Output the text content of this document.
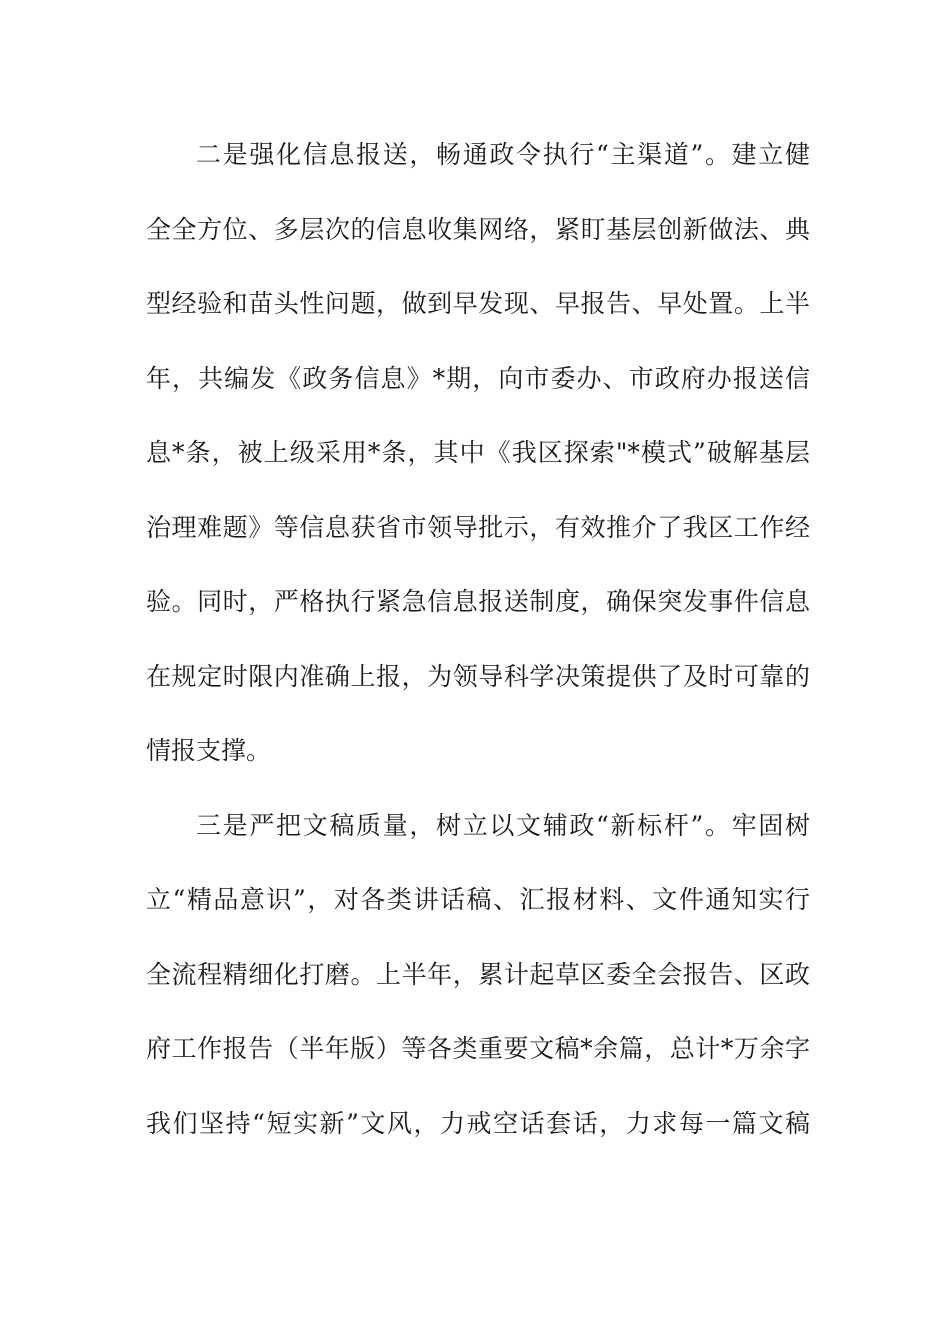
二是强化信息报送，畅通政令执行“主渠道”。建立健
全全方位、多层次的信息收集网络，紧盯基层创新做法、典
型经验和苗头性问题，做到早发现、早报告、早处置。上半
年，共编发《政务信息》*期，向市委办、市政府办报送信
息*条，被上级采用*条，其中《我区探索"*模式”破解基层
治理难题》等信息获省市领导批示，有效推介了我区工作经
验。同时，严格执行紧急信息报送制度，确保突发事件信息
在规定时限内准确上报，为领导科学决策提供了及时可靠的
情报支撑。
三是严把文稿质量，树立以文辅政“新标杆”。牢固树
立“精品意识”，对各类讲话稿、汇报材料、文件通知实行
全流程精细化打磨。上半年，累计起草区委全会报告、区政
府工作报告（半年版）等各类重要文稿*余篇，总计*万余字
我们坚持“短实新”文风，力戒空话套话，力求每一篇文稿
